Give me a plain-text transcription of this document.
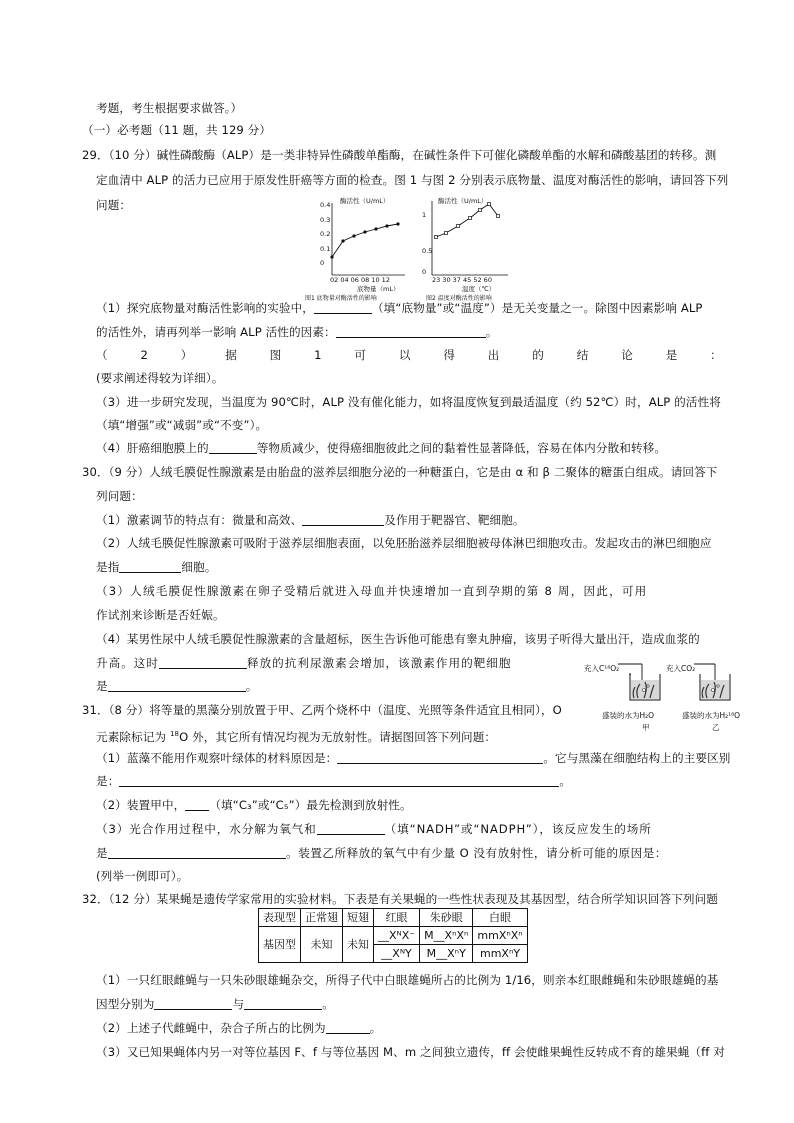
考题，考生根据要求做答。）
（一）必考题（11 题，共 129 分）
29．（10 分）碱性磷酸酶（ALP）是一类非特异性磷酸单酯酶，在碱性条件下可催化磷酸单酯的水解和磷酸基团的转移。测
定血清中 ALP 的活力已应用于原发性肝癌等方面的检查。图 1 与图 2 分别表示底物量、温度对酶活性的影响，请回答下列
问题：	酶活性（U/mL）
0.4
0.3
0.2
0.1
0
02 04 06 08 10 12
底物量（mL）
图1 底物量对酶活性的影响
酶活性（U/mL）
1
0.5
0
23 30 37 45 52 60
温度（℃）
图2 温度对酶活性的影响
（1）探究底物量对酶活性影响的实验中，	（填“底物量”或“温度”）是无关变量之一。除图中因素影响 ALP
的活性外，请再列举一影响 ALP 活性的因素：	。
（	2	）	据	图	1	可	以	得	出	的	结	论	是	：
(要求阐述得较为详细）。
（3）进一步研究发现，当温度为 90℃时，ALP 没有催化能力，如将温度恢复到最适温度（约 52℃）时，ALP 的活性将
（填“增强”或“减弱”或“不变”）。
（4）肝癌细胞膜上的	等物质减少，使得癌细胞彼此之间的黏着性显著降低，容易在体内分散和转移。
30．（9 分）人绒毛膜促性腺激素是由胎盘的滋养层细胞分泌的一种糖蛋白，它是由 α 和 β 二聚体的糖蛋白组成。请回答下
列问题：
（1）激素调节的特点有：微量和高效、	及作用于靶器官、靶细胞。
（2）人绒毛膜促性腺激素可吸附于滋养层细胞表面，以免胚胎滋养层细胞被母体淋巴细胞攻击。发起攻击的淋巴细胞应
是指	细胞。
（3）人绒毛膜促性腺激素在卵子受精后就进入母血并快速增加一直到孕期的第 8 周，因此，可用
作试剂来诊断是否妊娠。
（4）某男性尿中人绒毛膜促性腺激素的含量超标，医生告诉他可能患有睾丸肿瘤，该男子听得大量出汗，造成血浆的
升高。这时	释放的抗利尿激素会增加，该激素作用的靶细胞
是	。
充入C¹⁸O₂	充入CO₂
盛装的水为H₂O	盛装的水为H₂¹⁸O
甲	乙
31．（8 分）将等量的黑藻分别放置于甲、乙两个烧杯中（温度、光照等条件适宜且相同），O
元素除标记为 $^{18}$O 外，其它所有情况均视为无放射性。请据图回答下列问题：
（1）蓝藻不能用作观察叶绿体的材料原因是：	。它与黑藻在细胞结构上的主要区别
是：	。
（2）装置甲中， （填“C₃”或“C₅”）最先检测到放射性。
（3）光合作用过程中，水分解为氧气和	（填“NADH”或“NADPH”），该反应发生的场所
是	。装置乙所释放的氧气中有少量 O 没有放射性，请分析可能的原因是：
(列举一例即可）。
32．（12 分）某果蝇是遗传学家常用的实验材料。下表是有关果蝇的一些性状表现及其基因型，结合所学知识回答下列问题
表现型	正常翅	短翅	红眼	朱砂眼	白眼
基因型	未知	未知	__XᴺX⁻	M__XⁿXⁿ	mmXⁿXⁿ
			__XᴺY	M__XⁿY	mmXⁿY
（1）一只红眼雌蝇与一只朱砂眼雄蝇杂交，所得子代中白眼雄蝇所占的比例为 1/16，则亲本红眼雌蝇和朱砂眼雄蝇的基
因型分别为	与	。
（2）上述子代雌蝇中，杂合子所占的比例为	。
（3）又已知果蝇体内另一对等位基因 F、f 与等位基因 M、m 之间独立遗传，ff 会使雌果蝇性反转成不育的雄果蝇（ff 对
